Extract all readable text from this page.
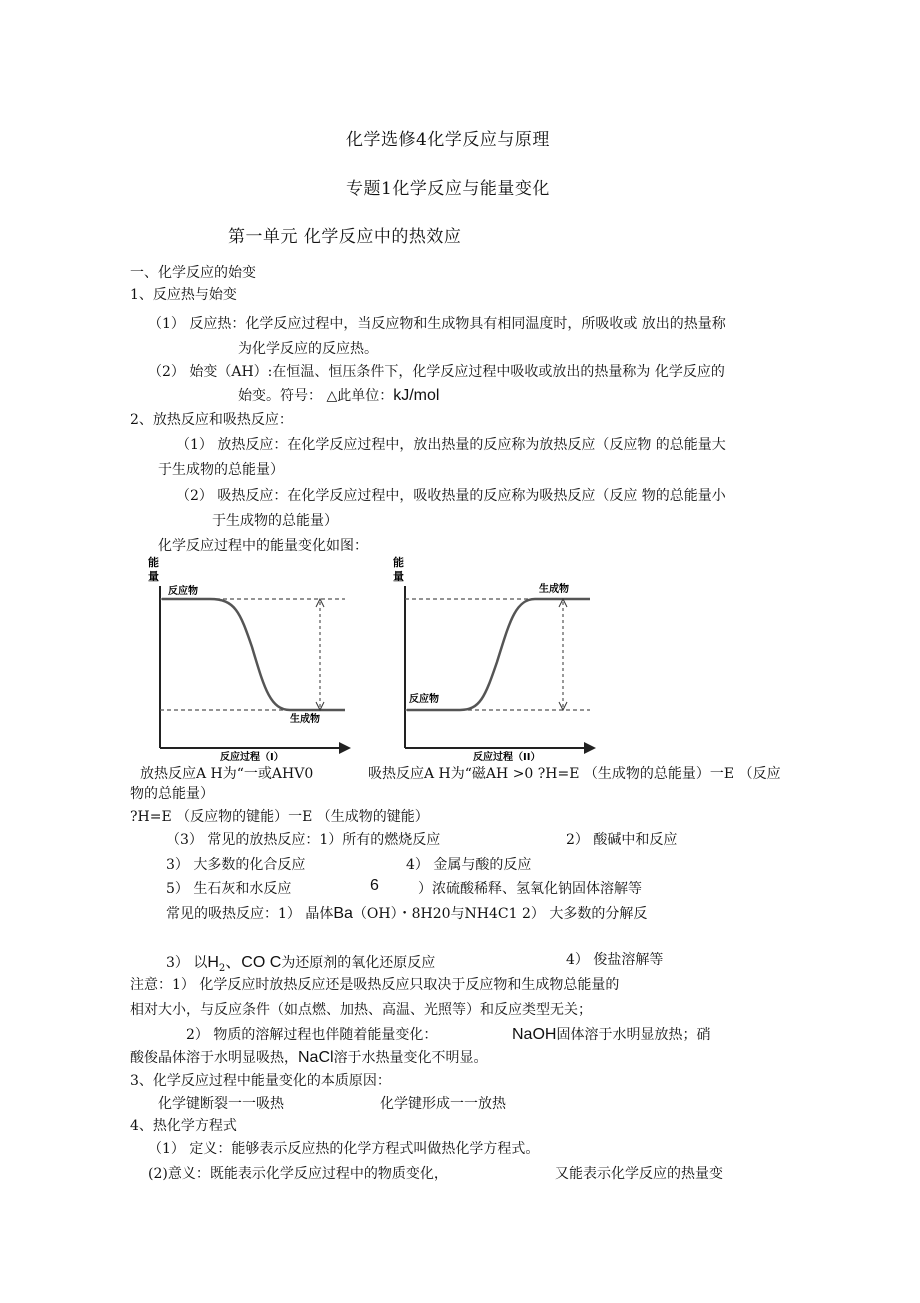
化学选修4化学反应与原理
专题1化学反应与能量变化
第一单元 化学反应中的热效应
一、化学反应的始变
1、反应热与始变
（1） 反应热：化学反应过程中，当反应物和生成物具有相同温度时，所吸收或 放出的热量称
为化学反应的反应热。
（2） 始变（AH）:在恒温、恒压条件下，化学反应过程中吸收或放出的热量称为 化学反应的
始变。符号： △此单位：kJ/mol
2、放热反应和吸热反应：
（1） 放热反应：在化学反应过程中，放出热量的反应称为放热反应（反应物 的总能量大
于生成物的总能量）
（2） 吸热反应：在化学反应过程中，吸收热量的反应称为吸热反应（反应 物的总能量小
于生成物的总能量）
化学反应过程中的能量变化如图：
能
量
反应物
生成物
反应过程（I）
能
量
生成物
反应物
反应过程（II）
放热反应A H为“一或AHV0	吸热反应A H为“磁AH >0 ?H=E （生成物的总能量）一E （反应
物的总能量）
?H=E （反应物的键能）一E （生成物的键能）
（3） 常见的放热反应：1）所有的燃烧反应	2） 酸碱中和反应
3） 大多数的化合反应	4） 金属与酸的反应
5） 生石灰和水反应	6	）浓硫酸稀释、氢氧化钠固体溶解等
常见的吸热反应：1） 晶体Ba（OH）・8H20与NH4C1 2） 大多数的分解反
3） 以$H_2$、CO C为还原剂的氧化还原反应	4） 俊盐溶解等
注意：1） 化学反应时放热反应还是吸热反应只取决于反应物和生成物总能量的
相对大小，与反应条件（如点燃、加热、高温、光照等）和反应类型无关；
2） 物质的溶解过程也伴随着能量变化：	NaOH固体溶于水明显放热；硝
酸俊晶体溶于水明显吸热，NaCl溶于水热量变化不明显。
3、化学反应过程中能量变化的本质原因：
化学键断裂一一吸热	化学键形成一一放热
4、热化学方程式
（1） 定义：能够表示反应热的化学方程式叫做热化学方程式。
(2)意义：既能表示化学反应过程中的物质变化，	又能表示化学反应的热量变
